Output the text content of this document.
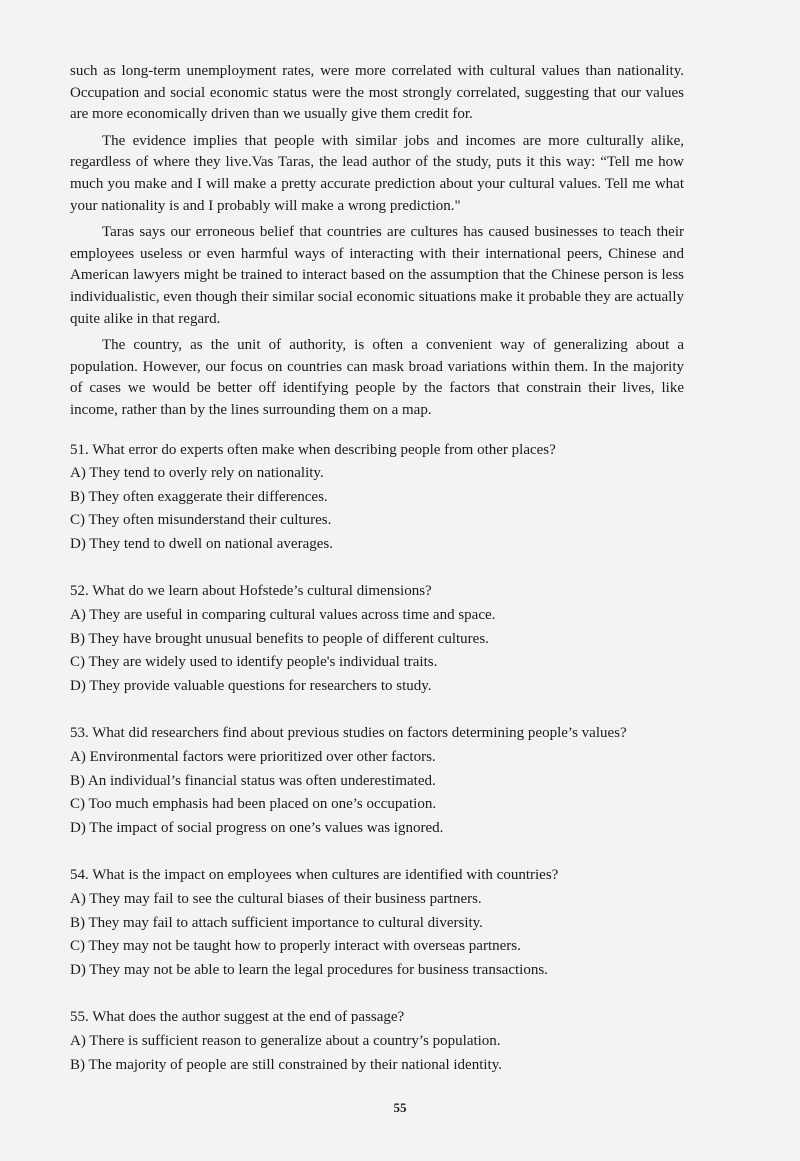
such as long-term unemployment rates, were more correlated with cultural values than nationality. Occupation and social economic status were the most strongly correlated, suggesting that our values are more economically driven than we usually give them credit for.

The evidence implies that people with similar jobs and incomes are more culturally alike, regardless of where they live.Vas Taras, the lead author of the study, puts it this way: “Tell me how much you make and I will make a pretty accurate prediction about your cultural values. Tell me what your nationality is and I probably will make a wrong prediction."

Taras says our erroneous belief that countries are cultures has caused businesses to teach their employees useless or even harmful ways of interacting with their international peers, Chinese and American lawyers might be trained to interact based on the assumption that the Chinese person is less individualistic, even though their similar social economic situations make it probable they are actually quite alike in that regard.

The country, as the unit of authority, is often a convenient way of generalizing about a population. However, our focus on countries can mask broad variations within them. In the majority of cases we would be better off identifying people by the factors that constrain their lives, like income, rather than by the lines surrounding them on a map.

51. What error do experts often make when describing people from other places?

A) They tend to overly rely on nationality.

B) They often exaggerate their differences.

C) They often misunderstand their cultures.

D) They tend to dwell on national averages.

52. What do we learn about Hofstede’s cultural dimensions?

A) They are useful in comparing cultural values across time and space.

B) They have brought unusual benefits to people of different cultures.

C) They are widely used to identify people's individual traits.

D) They provide valuable questions for researchers to study.

53. What did researchers find about previous studies on factors determining people’s values?

A) Environmental factors were prioritized over other factors.

B) An individual’s financial status was often underestimated.

C) Too much emphasis had been placed on one’s occupation.

D) The impact of social progress on one’s values was ignored.

54. What is the impact on employees when cultures are identified with countries?

A) They may fail to see the cultural biases of their business partners.

B) They may fail to attach sufficient importance to cultural diversity.

C) They may not be taught how to properly interact with overseas partners.

D) They may not be able to learn the legal procedures for business transactions.

55. What does the author suggest at the end of passage?

A) There is sufficient reason to generalize about a country’s population.

B) The majority of people are still constrained by their national identity.

55
